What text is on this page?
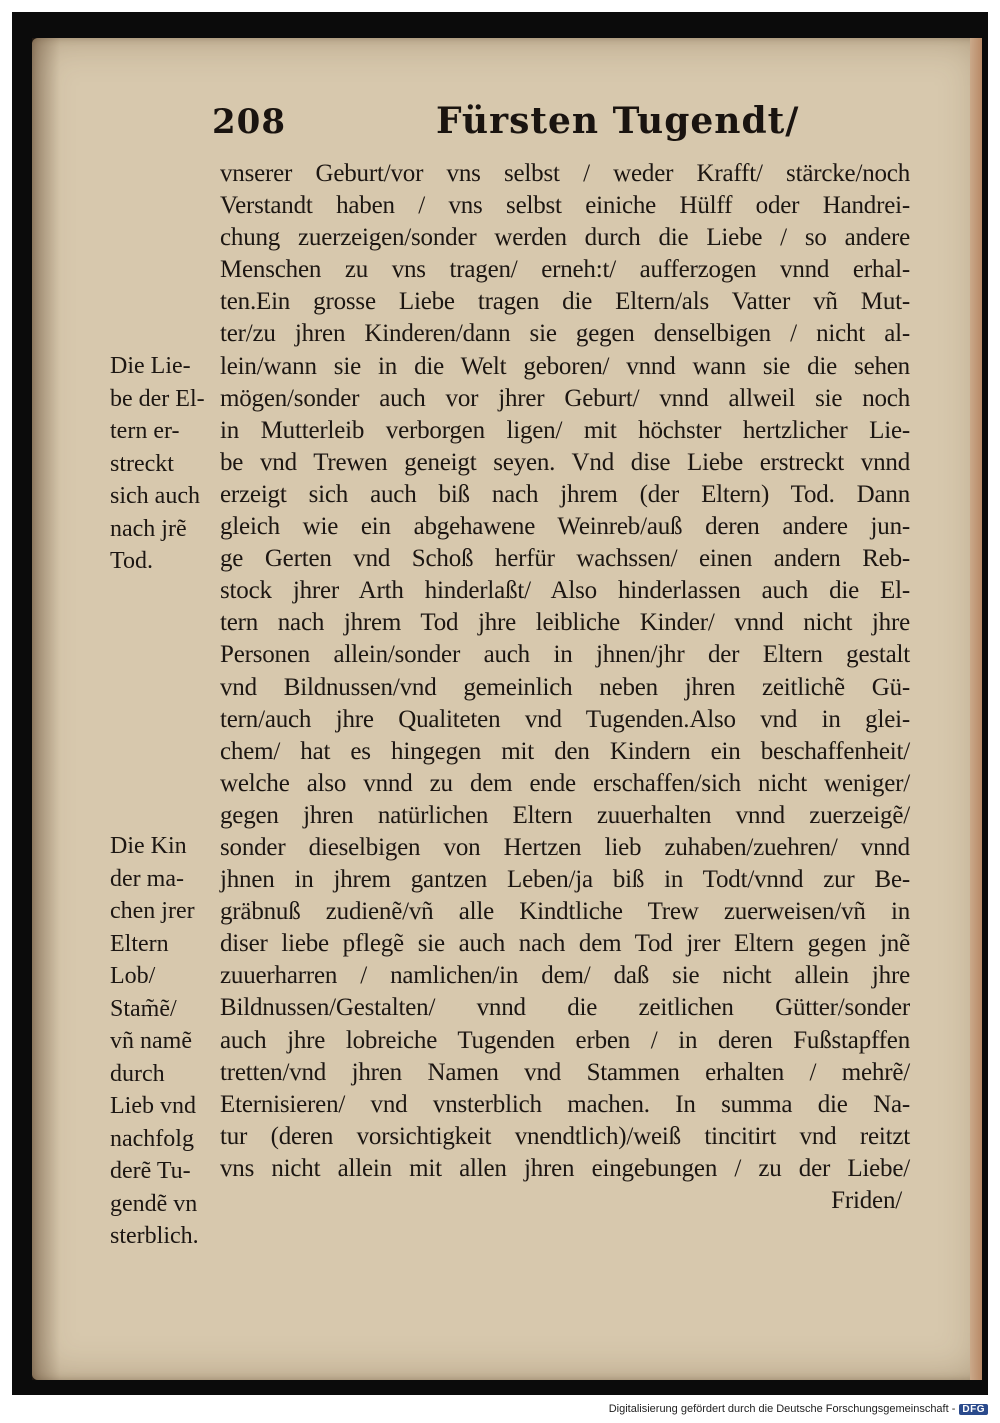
208	Fürsten Tugendt/
vnserer Geburt/vor vns selbst / weder Krafft/ stärcke/noch
Verstandt haben / vns selbst einiche Hülff oder Handrei-
chung zuerzeigen/sonder werden durch die Liebe / so andere
Menschen zu vns tragen/ erneh:t/ aufferzogen vnnd erhal-
ten.Ein grosse Liebe tragen die Eltern/als Vatter vñ Mut-
ter/zu jhren Kinderen/dann sie gegen denselbigen / nicht al-
lein/wann sie in die Welt geboren/ vnnd wann sie die sehen
mögen/sonder auch vor jhrer Geburt/ vnnd allweil sie noch
in Mutterleib verborgen ligen/ mit höchster hertzlicher Lie-
be vnd Trewen geneigt seyen. Vnd dise Liebe erstreckt vnnd
erzeigt sich auch biß nach jhrem (der Eltern) Tod. Dann
gleich wie ein abgehawene Weinreb/auß deren andere jun-
ge Gerten vnd Schoß herfür wachssen/ einen andern Reb-
stock jhrer Arth hinderlaßt/ Also hinderlassen auch die El-
tern nach jhrem Tod jhre leibliche Kinder/ vnnd nicht jhre
Personen allein/sonder auch in jhnen/jhr der Eltern gestalt
vnd Bildnussen/vnd gemeinlich neben jhren zeitlichẽ Gü-
tern/auch jhre Qualiteten vnd Tugenden.Also vnd in glei-
chem/ hat es hingegen mit den Kindern ein beschaffenheit/
welche also vnnd zu dem ende erschaffen/sich nicht weniger/
gegen jhren natürlichen Eltern zuuerhalten vnnd zuerzeigẽ/
sonder dieselbigen von Hertzen lieb zuhaben/zuehren/ vnnd
jhnen in jhrem gantzen Leben/ja biß in Todt/vnnd zur Be-
gräbnuß zudienẽ/vñ alle Kindtliche Trew zuerweisen/vñ in
diser liebe pflegẽ sie auch nach dem Tod jrer Eltern gegen jnẽ
zuuerharren / namlichen/in dem/ daß sie nicht allein jhre
Bildnussen/Gestalten/ vnnd die zeitlichen Gütter/sonder
auch jhre lobreiche Tugenden erben / in deren Fußstapffen
tretten/vnd jhren Namen vnd Stammen erhalten / mehrẽ/
Eternisieren/ vnd vnsterblich machen. In summa die Na-
tur (deren vorsichtigkeit vnendtlich)/weiß tincitirt vnd reitzt
vns nicht allein mit allen jhren eingebungen / zu der Liebe/
Friden/
Die Lie-
be der El-
tern er-
streckt
sich auch
nach jrẽ
Tod.
Die Kin
der ma-
chen jrer
Eltern
Lob/
Stam̃ẽ/
vñ namẽ
durch
Lieb vnd
nachfolg
derẽ Tu-
gendẽ vn
sterblich.
Digitalisierung gefördert durch die Deutsche Forschungsgemeinschaft - DFG
